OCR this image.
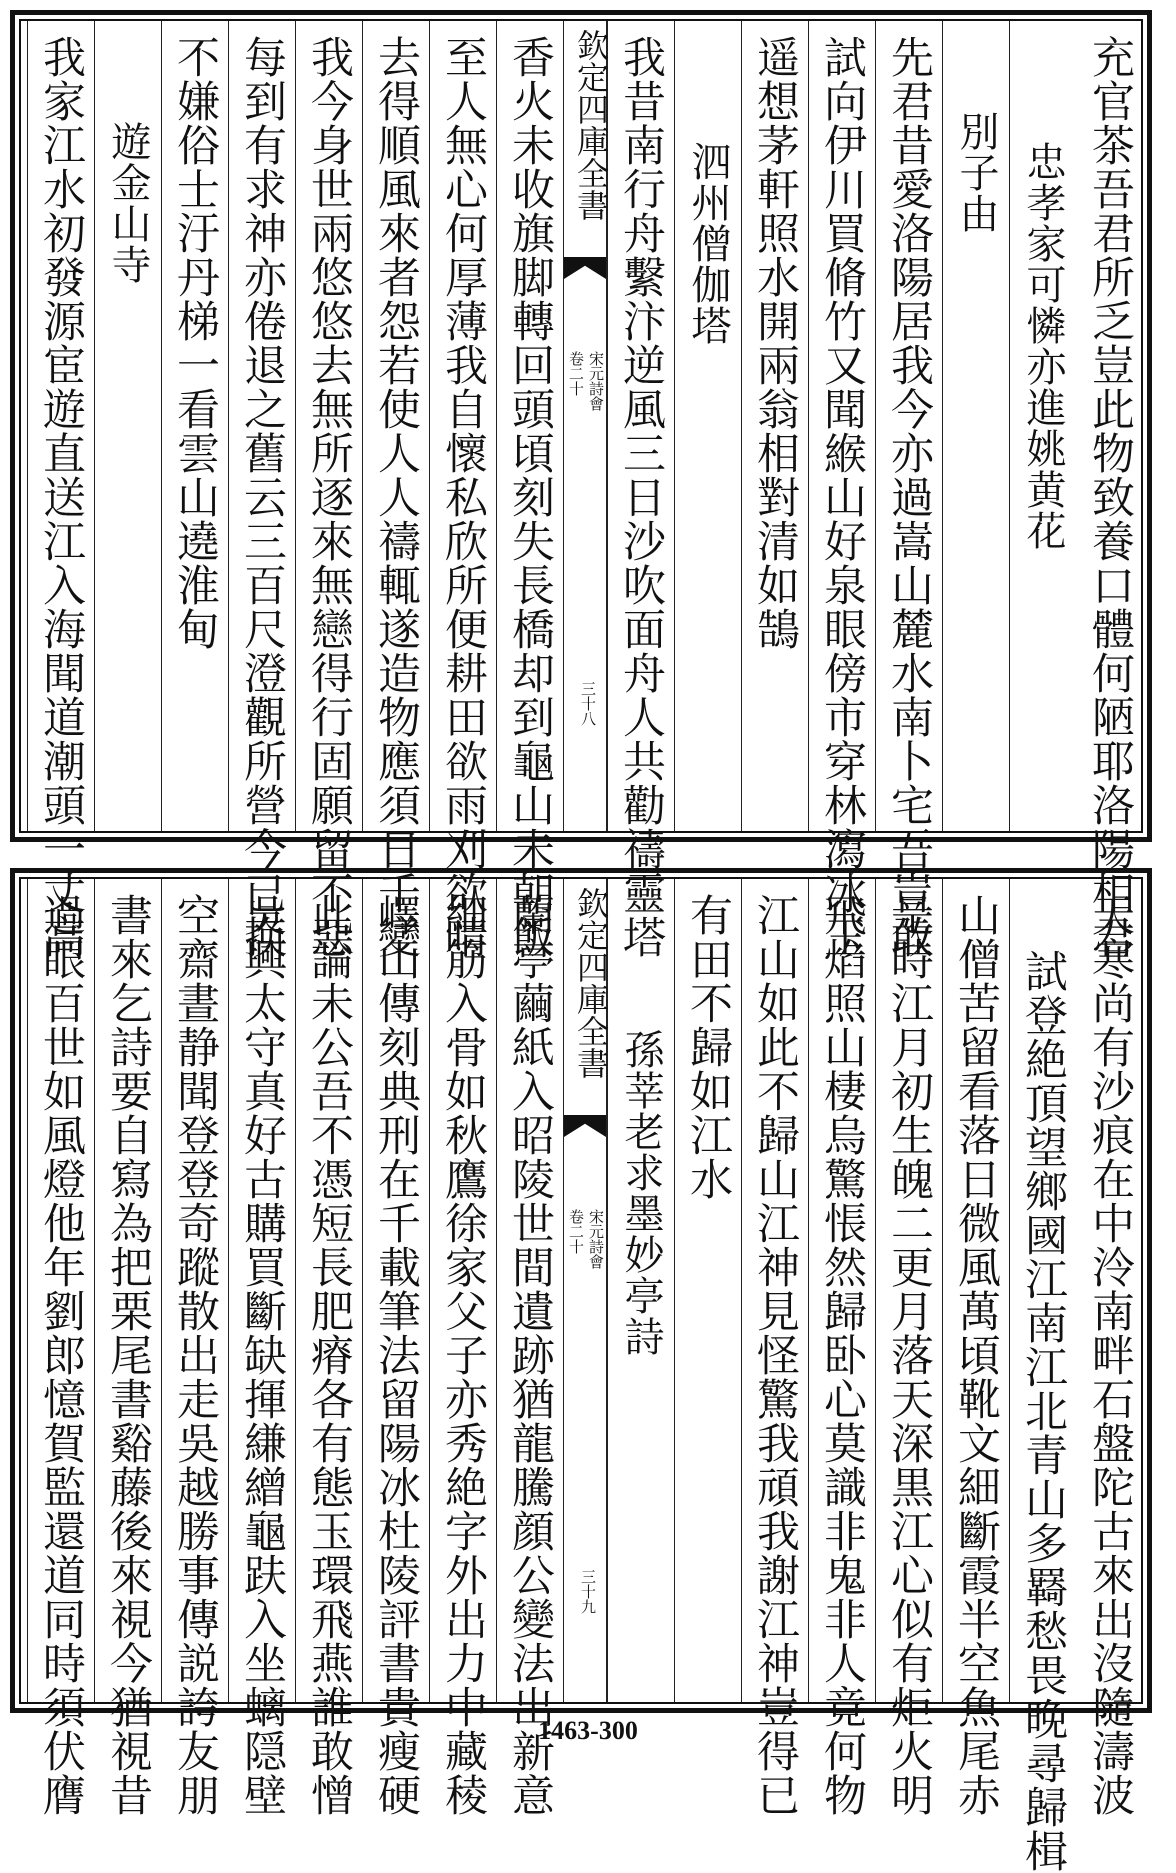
充官茶吾君所乏豈此物致養口體何陋耶洛陽相君
忠孝家可憐亦進姚黄花
別子由
先君昔愛洛陽居我今亦過嵩山麓水南卜宅吾豈敢
試向伊川買脩竹又聞緱山好泉眼傍市穿林瀉冰玉
遥想茅軒照水開兩翁相對清如鵠
泗州僧伽塔
我昔南行舟繫汴逆風三日沙吹面舟人共勸禱靈塔
欽定四庫全書
宋元詩會
卷二十
三十八
香火未收旗脚轉回頭頃刻失長橋却到龜山未朝飯
至人無心何厚薄我自懷私欣所便耕田欲雨刈欲晴
去得順風來者怨若使人人禱輒遂造物應須日千變
我今身世兩悠悠去無所逐來無戀得行固願留不惡
每到有求神亦倦退之舊云三百尺澄觀所營今已换
不嫌俗士汙丹梯一看雲山遶淮甸
遊金山寺
我家江水初發源宦遊直送江入海聞道潮頭一丈高
天寒尚有沙痕在中泠南畔石盤陀古來出沒隨濤波
試登絶頂望鄉國江南江北青山多羇愁畏晚尋歸楫
山僧苦留看落日微風萬頃靴文細斷霞半空魚尾赤
是時江月初生魄二更月落天深黒江心似有炬火明
飛焰照山棲烏驚悵然歸卧心莫識非鬼非人竟何物
江山如此不歸山江神見怪驚我頑我謝江神豈得已
有田不歸如江水
孫莘老求墨妙亭詩
欽定四庫全書
宋元詩會
卷二十
三十九
蘭亭繭紙入昭陵世間遺跡猶龍騰顔公變法出新意
細筋入骨如秋鷹徐家父子亦秀絶字外出力中藏稜
嶧山傳刻典刑在千載筆法留陽冰杜陵評書貴瘦硬
此論未公吾不憑短長肥瘠各有態玉環飛燕誰敢憎
吳興太守真好古購買斷缺揮縑繒龜趺入坐螭隠壁
空齋晝静聞登登奇蹤散出走吳越勝事傳説誇友朋
書來乞詩要自寫為把栗尾書谿藤後來視今猶視昔
過眼百世如風燈他年劉郎憶賀監還道同時須伏膺	1463-300
